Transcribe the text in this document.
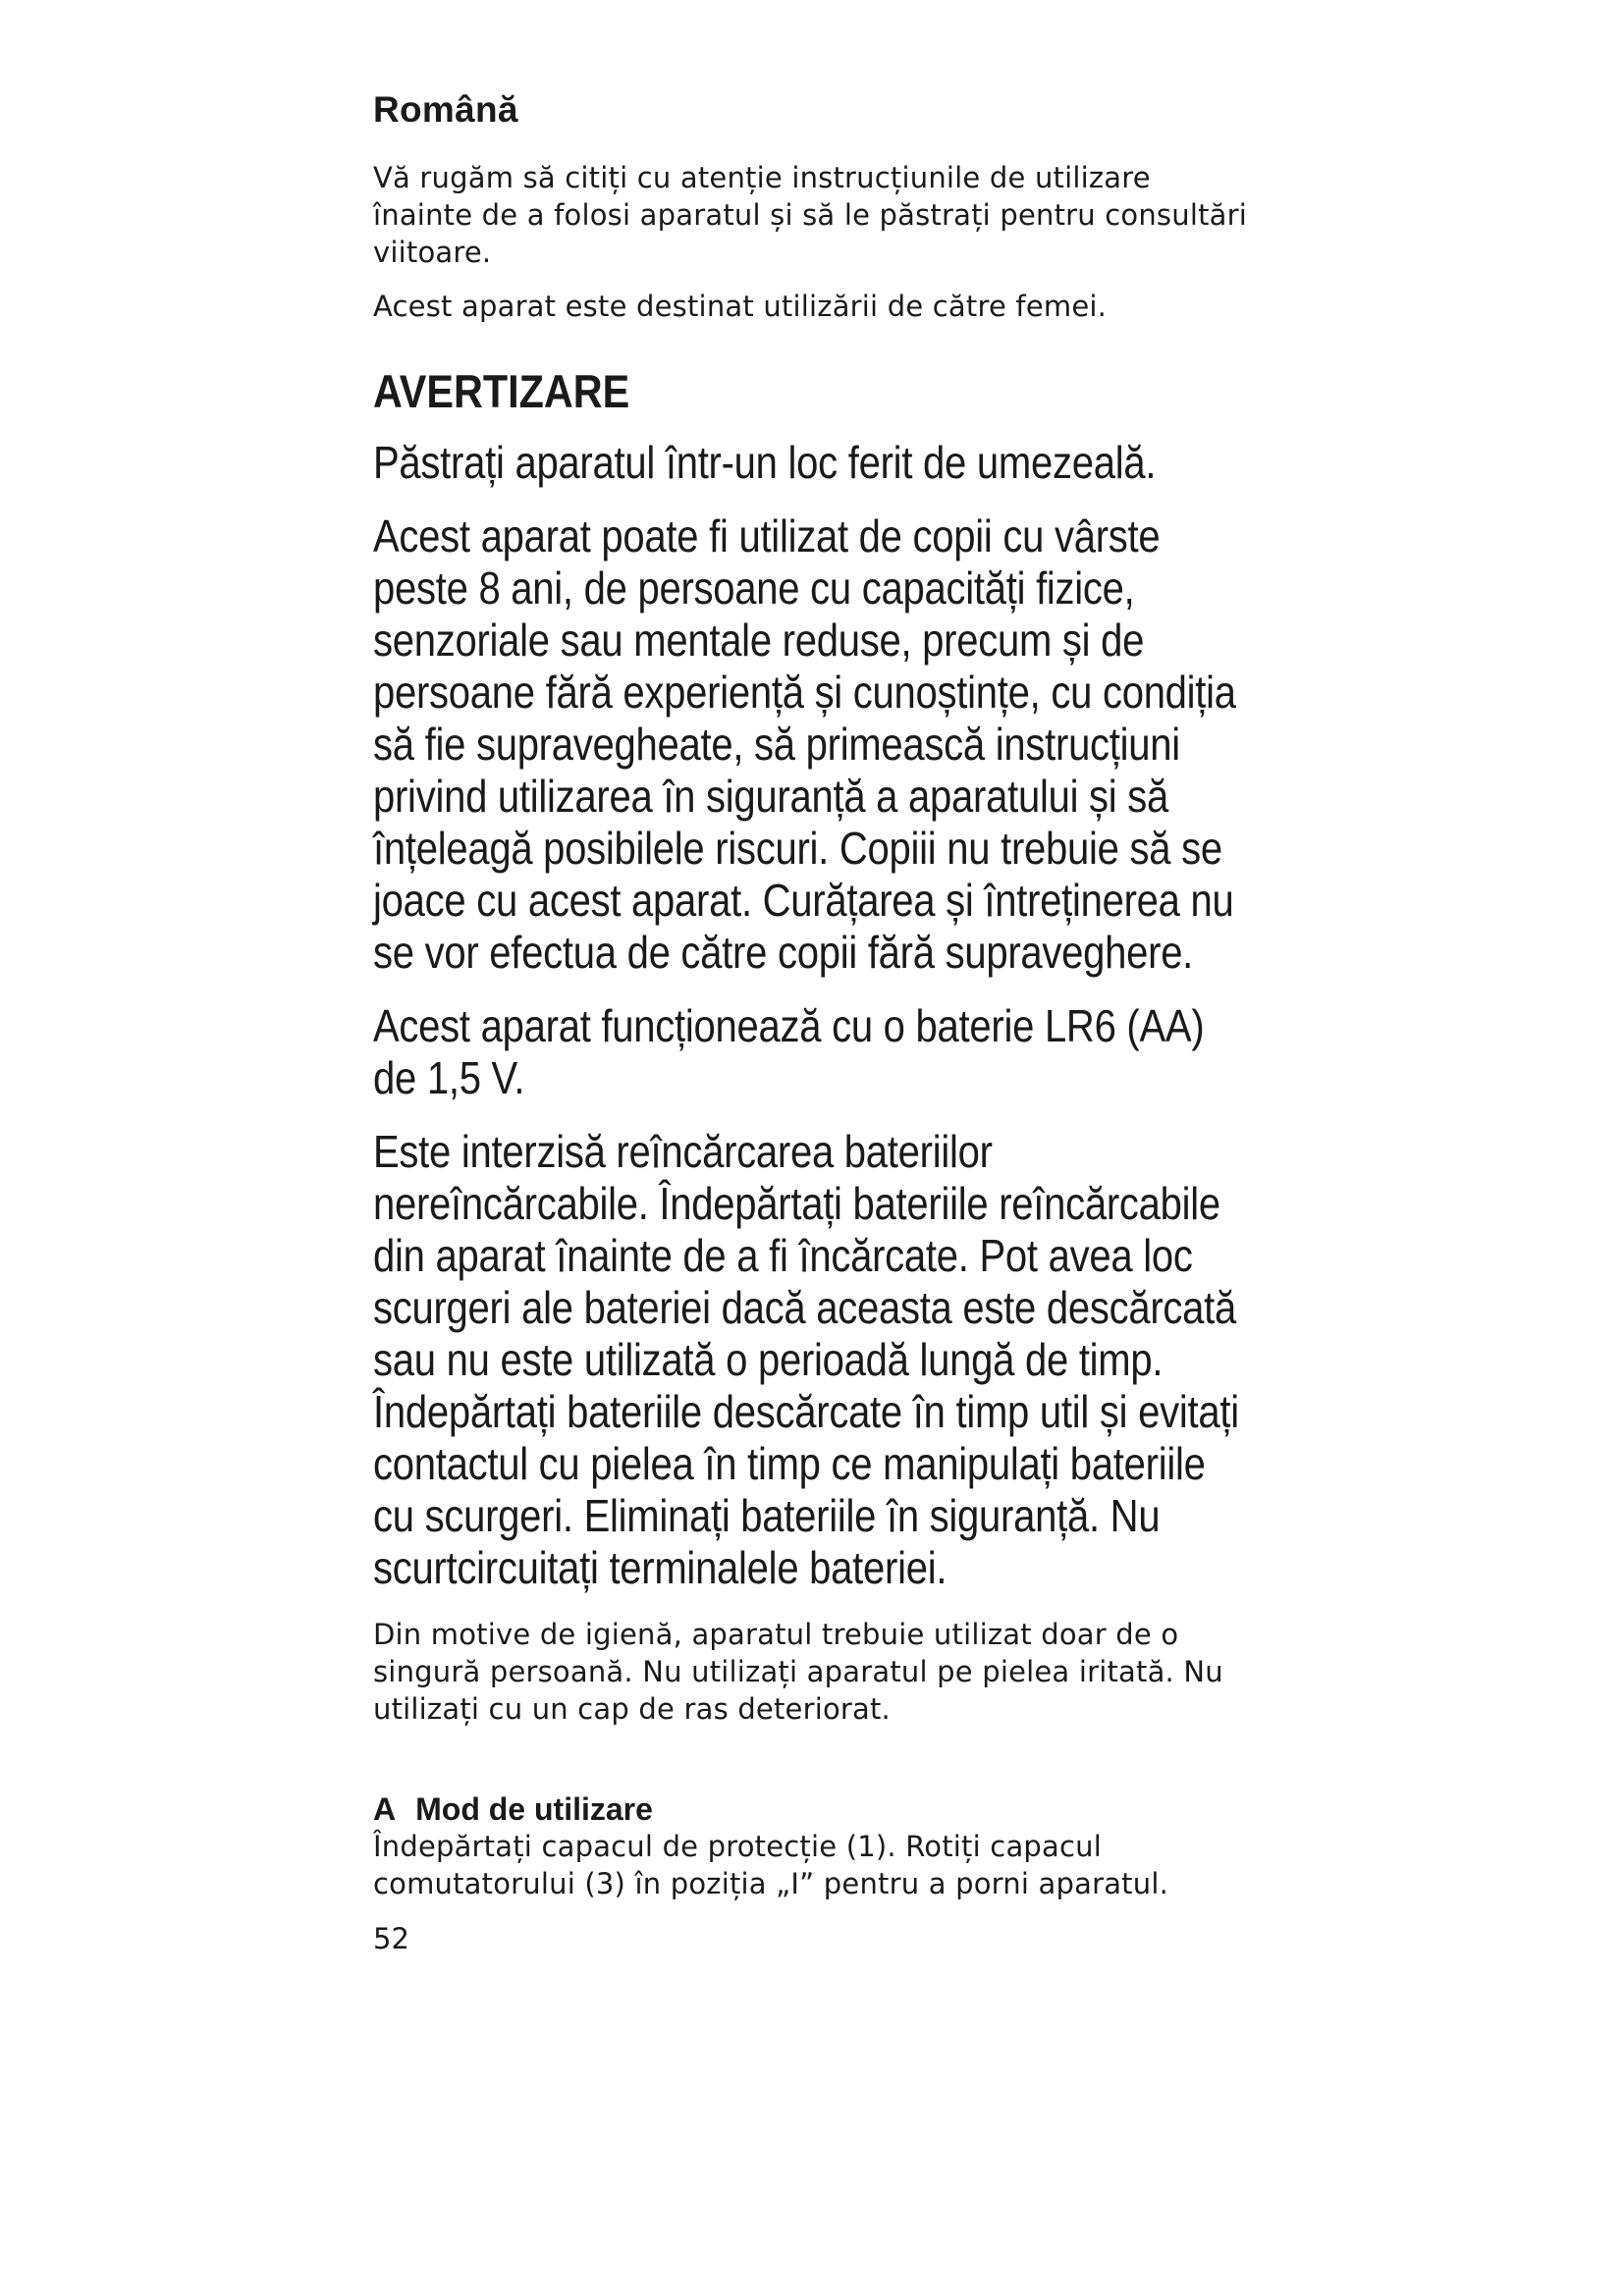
Română

Vă rugăm să citiți cu atenție instrucțiunile de utilizare înainte de a folosi aparatul și să le păstrați pentru consultări viitoare.

Acest aparat este destinat utilizării de către femei.

AVERTIZARE

Păstrați aparatul într-un loc ferit de umezeală.

Acest aparat poate fi utilizat de copii cu vârste peste 8 ani, de persoane cu capacități fizice, senzoriale sau mentale reduse, precum și de persoane fără experiență și cunoștințe, cu condiția să fie supravegheate, să primească instrucțiuni privind utilizarea în siguranță a aparatului și să înțeleagă posibilele riscuri. Copiii nu trebuie să se joace cu acest aparat. Curățarea și întreținerea nu se vor efectua de către copii fără supraveghere.

Acest aparat funcționează cu o baterie LR6 (AA) de 1,5 V.

Este interzisă reîncărcarea bateriilor nereîncărcabile. Îndepărtați bateriile reîncărcabile din aparat înainte de a fi încărcate. Pot avea loc scurgeri ale bateriei dacă aceasta este descărcată sau nu este utilizată o perioadă lungă de timp. Îndepărtați bateriile descărcate în timp util și evitați contactul cu pielea în timp ce manipulați bateriile cu scurgeri. Eliminați bateriile în siguranță. Nu scurtcircuitați terminalele bateriei.

Din motive de igienă, aparatul trebuie utilizat doar de o singură persoană. Nu utilizați aparatul pe pielea iritată. Nu utilizați cu un cap de ras deteriorat.

A Mod de utilizare

Îndepărtați capacul de protecție (1). Rotiți capacul comutatorului (3) în poziția „I” pentru a porni aparatul.

52
